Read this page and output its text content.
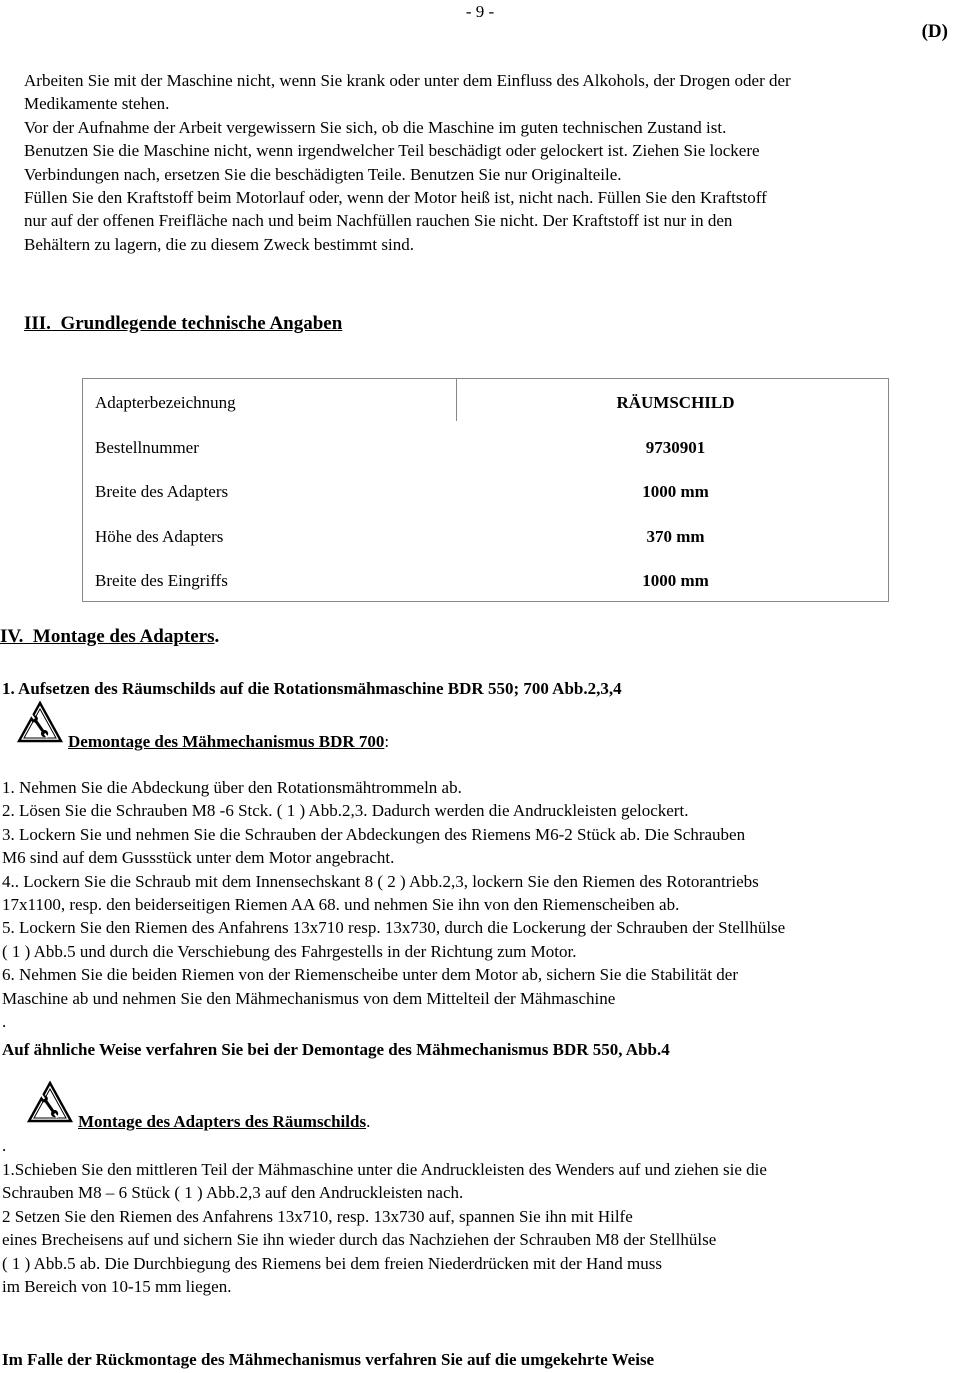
- 9 -
(D)

Arbeiten Sie mit der Maschine nicht, wenn Sie krank oder unter dem Einfluss des Alkohols, der Drogen oder der

Medikamente stehen.

Vor der Aufnahme der Arbeit vergewissern Sie sich, ob die Maschine im guten technischen Zustand ist.

Benutzen Sie die Maschine nicht, wenn irgendwelcher Teil beschädigt oder gelockert ist. Ziehen Sie lockere

Verbindungen nach, ersetzen Sie die beschädigten Teile. Benutzen Sie nur Originalteile.

Füllen Sie den Kraftstoff beim Motorlauf oder, wenn der Motor heiß ist, nicht nach. Füllen Sie den Kraftstoff

nur auf der offenen Freifläche nach und beim Nachfüllen rauchen Sie nicht. Der Kraftstoff ist nur in den

Behältern zu lagern, die zu diesem Zweck bestimmt sind.

III. Grundlegende technische Angaben
Adapterbezeichnung	RÄUMSCHILD
Bestellnummer	9730901
Breite des Adapters	1000 mm
Höhe des Adapters	370 mm
Breite des Eingriffs	1000 mm
IV. Montage des Adapters.
1. Aufsetzen des Räumschilds auf die Rotationsmähmaschine BDR 550; 700 Abb.2,3,4
Demontage des Mähmechanismus BDR 700:

1. Nehmen Sie die Abdeckung über den Rotationsmähtrommeln ab.

2. Lösen Sie die Schrauben M8 -6 Stck. ( 1 ) Abb.2,3. Dadurch werden die Andruckleisten gelockert.

3. Lockern Sie und nehmen Sie die Schrauben der Abdeckungen des Riemens M6-2 Stück ab. Die Schrauben

M6 sind auf dem Gussstück unter dem Motor angebracht.

4.. Lockern Sie die Schraub mit dem Innensechskant 8 ( 2 ) Abb.2,3, lockern Sie den Riemen des Rotorantriebs

17x1100, resp. den beiderseitigen Riemen AA 68. und nehmen Sie ihn von den Riemenscheiben ab.

5. Lockern Sie den Riemen des Anfahrens 13x710 resp. 13x730, durch die Lockerung der Schrauben der Stellhülse

( 1 ) Abb.5 und durch die Verschiebung des Fahrgestells in der Richtung zum Motor.

6. Nehmen Sie die beiden Riemen von der Riemenscheibe unter dem Motor ab, sichern Sie die Stabilität der

Maschine ab und nehmen Sie den Mähmechanismus von dem Mittelteil der Mähmaschine

.

Auf ähnliche Weise verfahren Sie bei der Demontage des Mähmechanismus BDR 550, Abb.4
Montage des Adapters des Räumschilds.
.

1.Schieben Sie den mittleren Teil der Mähmaschine unter die Andruckleisten des Wenders auf und ziehen sie die

Schrauben M8 – 6 Stück ( 1 ) Abb.2,3 auf den Andruckleisten nach.

2 Setzen Sie den Riemen des Anfahrens 13x710, resp. 13x730 auf, spannen Sie ihn mit Hilfe

eines Brecheisens auf und sichern Sie ihn wieder durch das Nachziehen der Schrauben M8 der Stellhülse

( 1 ) Abb.5 ab. Die Durchbiegung des Riemens bei dem freien Niederdrücken mit der Hand muss

im Bereich von 10-15 mm liegen.

Im Falle der Rückmontage des Mähmechanismus verfahren Sie auf die umgekehrte Weise
